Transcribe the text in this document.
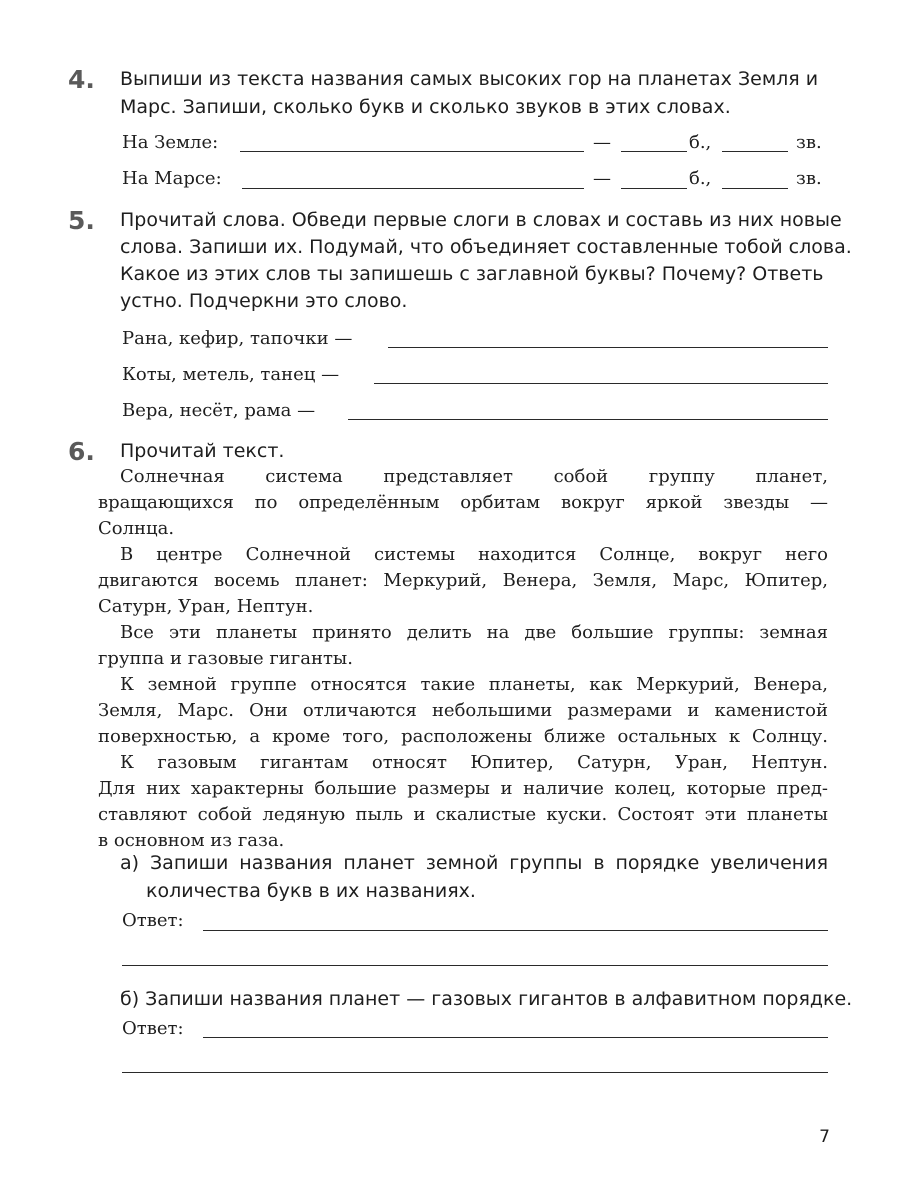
4. Выпиши из текста названия самых высоких гор на планетах Земля и
Марс. Запиши, сколько букв и сколько звуков в этих словах.
На Земле:	—	б.,	зв.
На Марсе:	—	б.,	зв.
5. Прочитай слова. Обведи первые слоги в словах и составь из них новые
слова. Запиши их. Подумай, что объединяет составленные тобой слова.
Какое из этих слов ты запишешь с заглавной буквы? Почему? Ответь
устно. Подчеркни это слово.
Рана, кефир, тапочки —
Коты, метель, танец —
Вера, несёт, рама —
6. Прочитай текст.
Солнечная система представляет собой группу планет,
вращающихся по определённым орбитам вокруг яркой звезды —
Солнца.
В центре Солнечной системы находится Солнце, вокруг него
двигаются восемь планет: Меркурий, Венера, Земля, Марс, Юпитер,
Сатурн, Уран, Нептун.
Все эти планеты принято делить на две большие группы: земная
группа и газовые гиганты.
К земной группе относятся такие планеты, как Меркурий, Венера,
Земля, Марс. Они отличаются небольшими размерами и каменистой
поверхностью, а кроме того, расположены ближе остальных к Солнцу.
К газовым гигантам относят Юпитер, Сатурн, Уран, Нептун.
Для них характерны большие размеры и наличие колец, которые пред-
ставляют собой ледяную пыль и скалистые куски. Состоят эти планеты
в основном из газа.
а) Запиши названия планет земной группы в порядке увеличения
количества букв в их названиях.
Ответ:
б) Запиши названия планет — газовых гигантов в алфавитном порядке.
Ответ:
7
